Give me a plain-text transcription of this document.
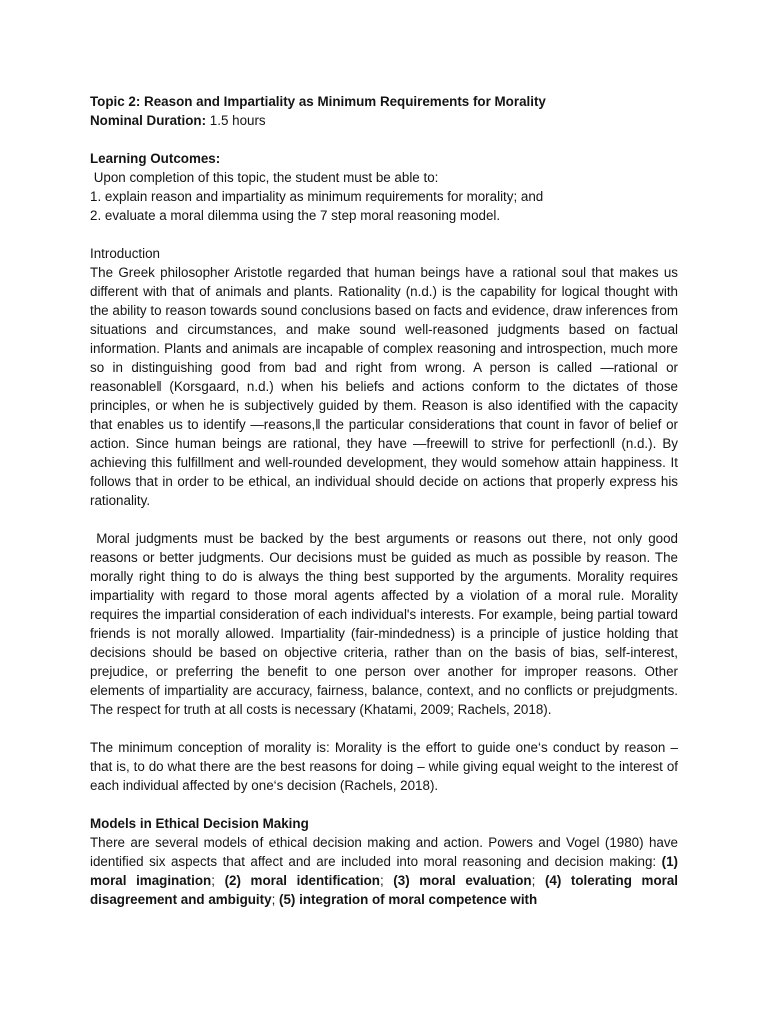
Topic 2: Reason and Impartiality as Minimum Requirements for Morality
Nominal Duration: 1.5 hours
Learning Outcomes:
Upon completion of this topic, the student must be able to:
1. explain reason and impartiality as minimum requirements for morality; and
2. evaluate a moral dilemma using the 7 step moral reasoning model.
Introduction

The Greek philosopher Aristotle regarded that human beings have a rational soul that makes us different with that of animals and plants. Rationality (n.d.) is the capability for logical thought with the ability to reason towards sound conclusions based on facts and evidence, draw inferences from situations and circumstances, and make sound well-reasoned judgments based on factual information. Plants and animals are incapable of complex reasoning and introspection, much more so in distinguishing good from bad and right from wrong. A person is called —rational or reasonable‖ (Korsgaard, n.d.) when his beliefs and actions conform to the dictates of those principles, or when he is subjectively guided by them. Reason is also identified with the capacity that enables us to identify —reasons,‖ the particular considerations that count in favor of belief or action. Since human beings are rational, they have —freewill to strive for perfection‖ (n.d.). By achieving this fulfillment and well-rounded development, they would somehow attain happiness. It follows that in order to be ethical, an individual should decide on actions that properly express his rationality.

Moral judgments must be backed by the best arguments or reasons out there, not only good reasons or better judgments. Our decisions must be guided as much as possible by reason. The morally right thing to do is always the thing best supported by the arguments. Morality requires impartiality with regard to those moral agents affected by a violation of a moral rule. Morality requires the impartial consideration of each individual's interests. For example, being partial toward friends is not morally allowed. Impartiality (fair-mindedness) is a principle of justice holding that decisions should be based on objective criteria, rather than on the basis of bias, self-interest, prejudice, or preferring the benefit to one person over another for improper reasons. Other elements of impartiality are accuracy, fairness, balance, context, and no conflicts or prejudgments. The respect for truth at all costs is necessary (Khatami, 2009; Rachels, 2018).

The minimum conception of morality is: Morality is the effort to guide one‘s conduct by reason – that is, to do what there are the best reasons for doing – while giving equal weight to the interest of each individual affected by one‘s decision (Rachels, 2018).

Models in Ethical Decision Making

There are several models of ethical decision making and action. Powers and Vogel (1980) have identified six aspects that affect and are included into moral reasoning and decision making: (1) moral imagination; (2) moral identification; (3) moral evaluation; (4) tolerating moral disagreement and ambiguity; (5) integration of moral competence with
